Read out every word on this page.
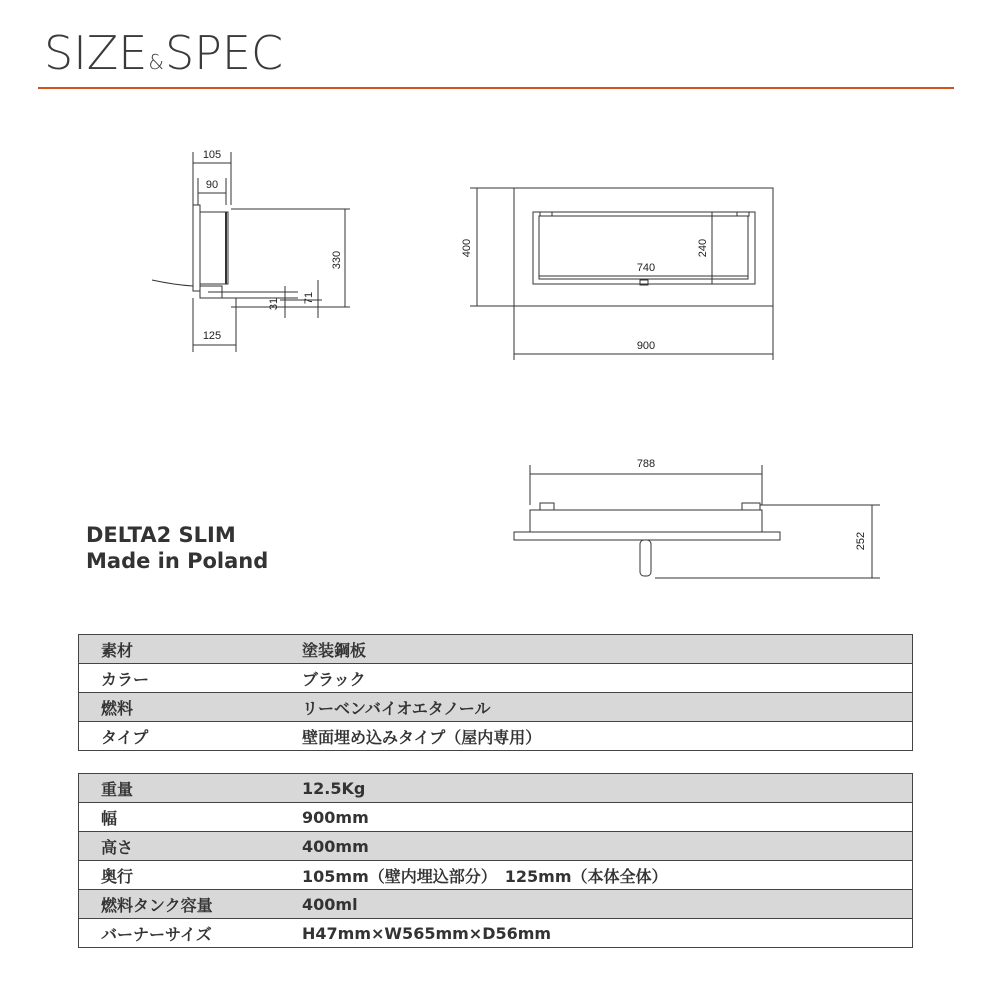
SIZE&SPEC
105
90
330
31 71
125
400	240
740
900
788
252
DELTA2 SLIM
Made in Poland
素材	塗装鋼板
カラー	ブラック
燃料	リーベンバイオエタノール
タイプ	壁面埋め込みタイプ（屋内専用）
重量	12.5Kg
幅	900mm
高さ	400mm
奥行	105mm（壁内埋込部分）　125mm（本体全体）
燃料タンク容量	400ml
バーナーサイズ	H47mm×W565mm×D56mm
